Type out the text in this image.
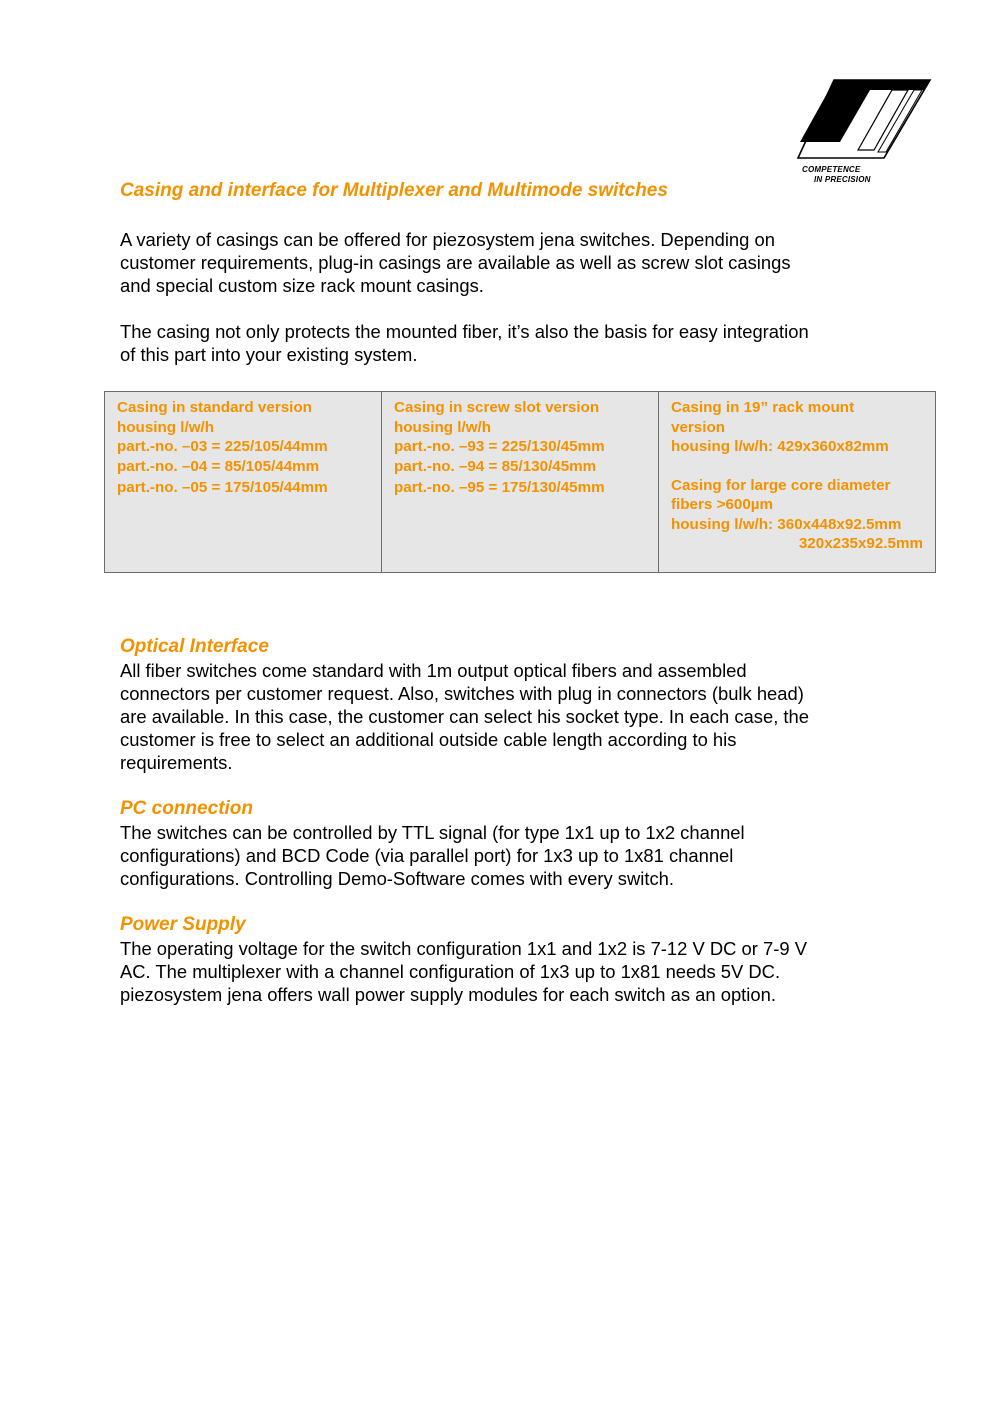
COMPETENCE
IN PRECISION
Casing and interface for Multiplexer and Multimode switches

A variety of casings can be offered for piezosystem jena switches. Depending on
customer requirements, plug-in casings are available as well as screw slot casings
and special custom size rack mount casings.

The casing not only protects the mounted fiber, it’s also the basis for easy integration
of this part into your existing system.

Casing in standard version
housing l/w/h
part.-no. –03 = 225/105/44mm
part.-no. –04 = 85/105/44mm
part.-no. –05 = 175/105/44mm

Casing in screw slot version
housing l/w/h
part.-no. –93 = 225/130/45mm
part.-no. –94 = 85/130/45mm
part.-no. –95 = 175/130/45mm

Casing in 19” rack mount
version
housing l/w/h: 429x360x82mm
Casing for large core diameter
fibers >600µm
housing l/w/h: 360x448x92.5mm
320x235x92.5mm
Optical Interface

All fiber switches come standard with 1m output optical fibers and assembled
connectors per customer request. Also, switches with plug in connectors (bulk head)
are available. In this case, the customer can select his socket type. In each case, the
customer is free to select an additional outside cable length according to his
requirements.

PC connection

The switches can be controlled by TTL signal (for type 1x1 up to 1x2 channel
configurations) and BCD Code (via parallel port) for 1x3 up to 1x81 channel
configurations. Controlling Demo-Software comes with every switch.

Power Supply

The operating voltage for the switch configuration 1x1 and 1x2 is 7-12 V DC or 7-9 V
AC. The multiplexer with a channel configuration of 1x3 up to 1x81 needs 5V DC.
piezosystem jena offers wall power supply modules for each switch as an option.
